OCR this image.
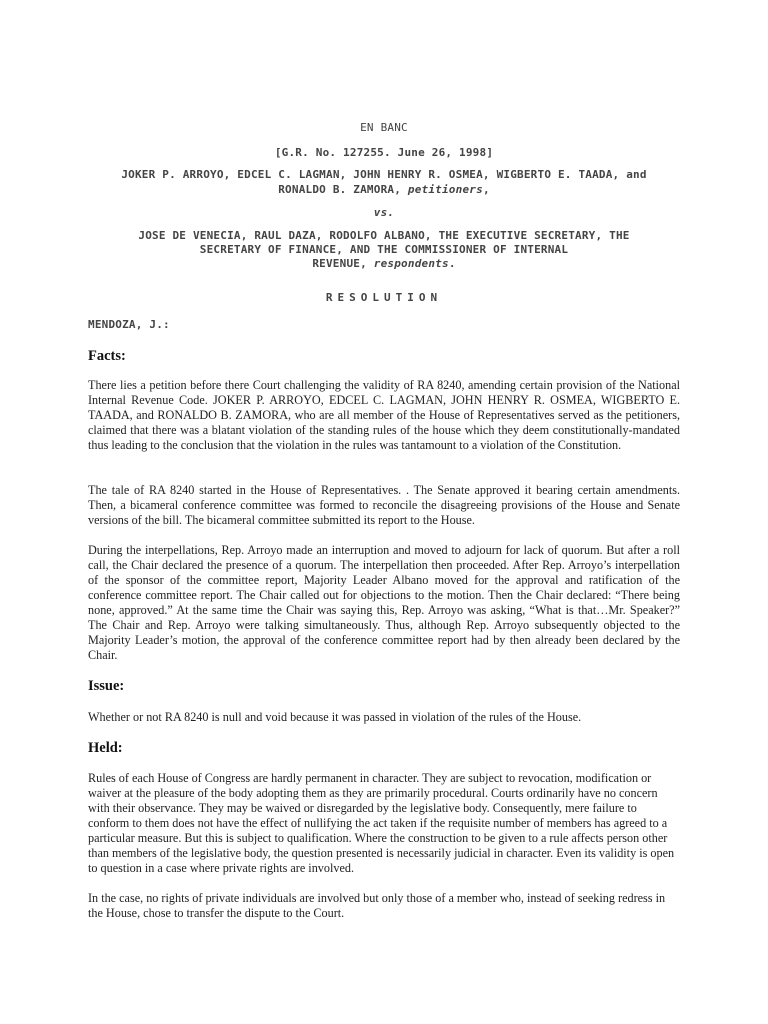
EN BANC
[G.R. No. 127255. June 26, 1998]
JOKER P. ARROYO, EDCEL C. LAGMAN, JOHN HENRY R. OSMEA, WIGBERTO E. TAADA, and
RONALDO B. ZAMORA, petitioners,
vs.
JOSE DE VENECIA, RAUL DAZA, RODOLFO ALBANO, THE EXECUTIVE SECRETARY, THE
SECRETARY OF FINANCE, AND THE COMMISSIONER OF INTERNAL
REVENUE, respondents.
RESOLUTION
MENDOZA, J.:
Facts:

There lies a petition before there Court challenging the validity of RA 8240, amending certain provision of the National Internal Revenue Code. JOKER P. ARROYO, EDCEL C. LAGMAN, JOHN HENRY R. OSMEA, WIGBERTO E. TAADA, and RONALDO B. ZAMORA, who are all member of the House of Representatives served as the petitioners, claimed that there was a blatant violation of the standing rules of the house which they deem constitutionally-mandated thus leading to the conclusion that the violation in the rules was tantamount to a violation of the Constitution.

The tale of RA 8240 started in the House of Representatives. . The Senate approved it bearing certain amendments. Then, a bicameral conference committee was formed to reconcile the disagreeing provisions of the House and Senate versions of the bill. The bicameral committee submitted its report to the House.

During the interpellations, Rep. Arroyo made an interruption and moved to adjourn for lack of quorum. But after a roll call, the Chair declared the presence of a quorum. The interpellation then proceeded. After Rep. Arroyo’s interpellation of the sponsor of the committee report, Majority Leader Albano moved for the approval and ratification of the conference committee report. The Chair called out for objections to the motion. Then the Chair declared: “There being none, approved.” At the same time the Chair was saying this, Rep. Arroyo was asking, “What is that…Mr. Speaker?” The Chair and Rep. Arroyo were talking simultaneously. Thus, although Rep. Arroyo subsequently objected to the Majority Leader’s motion, the approval of the conference committee report had by then already been declared by the Chair.

Issue:

Whether or not RA 8240 is null and void because it was passed in violation of the rules of the House.

Held:

Rules of each House of Congress are hardly permanent in character. They are subject to revocation, modification or waiver at the pleasure of the body adopting them as they are primarily procedural. Courts ordinarily have no concern with their observance. They may be waived or disregarded by the legislative body. Consequently, mere failure to conform to them does not have the effect of nullifying the act taken if the requisite number of members has agreed to a particular measure. But this is subject to qualification. Where the construction to be given to a rule affects person other than members of the legislative body, the question presented is necessarily judicial in character. Even its validity is open to question in a case where private rights are involved.

In the case, no rights of private individuals are involved but only those of a member who, instead of seeking redress in the House, chose to transfer the dispute to the Court.
